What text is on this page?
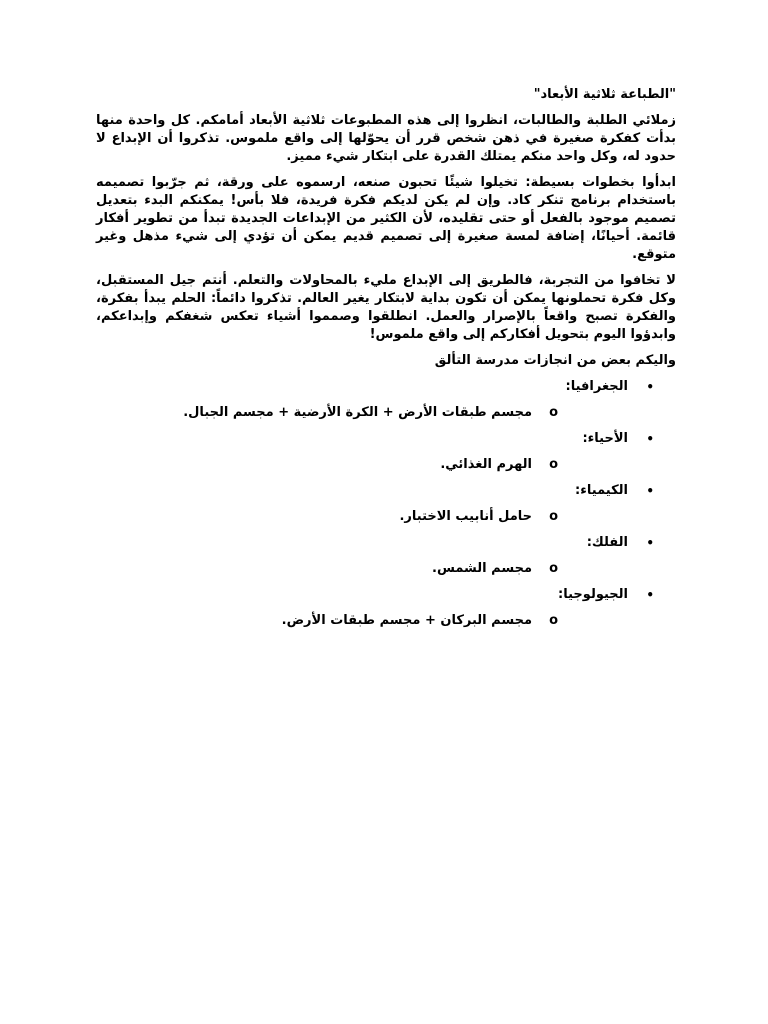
"الطباعة ثلاثية الأبعاد"

زملائي الطلبة والطالبات، انظروا إلى هذه المطبوعات ثلاثية الأبعاد أمامكم. كل واحدة منها بدأت كفكرة صغيرة في ذهن شخص قرر أن يحوّلها إلى واقع ملموس. تذكروا أن الإبداع لا حدود له، وكل واحد منكم يمتلك القدرة على ابتكار شيء مميز.

ابدأوا بخطوات بسيطة: تخيلوا شيئًا تحبون صنعه، ارسموه على ورقة، ثم جرّبوا تصميمه باستخدام برنامج تنكر كاد. وإن لم يكن لديكم فكرة فريدة، فلا بأس! يمكنكم البدء بتعديل تصميم موجود بالفعل أو حتى تقليده، لأن الكثير من الإبداعات الجديدة تبدأ من تطوير أفكار قائمة. أحيانًا، إضافة لمسة صغيرة إلى تصميم قديم يمكن أن تؤدي إلى شيء مذهل وغير متوقع.

لا تخافوا من التجربة، فالطريق إلى الإبداع مليء بالمحاولات والتعلم. أنتم جيل المستقبل، وكل فكرة تحملونها يمكن أن تكون بداية لابتكار يغير العالم. تذكروا دائماً: الحلم يبدأ بفكرة، والفكرة تصبح واقعاً بالإصرار والعمل. انطلقوا وصمموا أشياء تعكس شغفكم وإبداعكم، وابدؤوا اليوم بتحويل أفكاركم إلى واقع ملموس!

واليكم بعض من انجازات مدرسة التألق

•
الجغرافيا:
o
مجسم طبقات الأرض + الكرة الأرضية + مجسم الجبال.
•
الأحياء:
o
الهرم الغذائي.
•
الكيمياء:
o
حامل أنابيب الاختبار.
•
الفلك:
o
مجسم الشمس.
•
الجيولوجيا:
o
مجسم البركان + مجسم طبقات الأرض.
